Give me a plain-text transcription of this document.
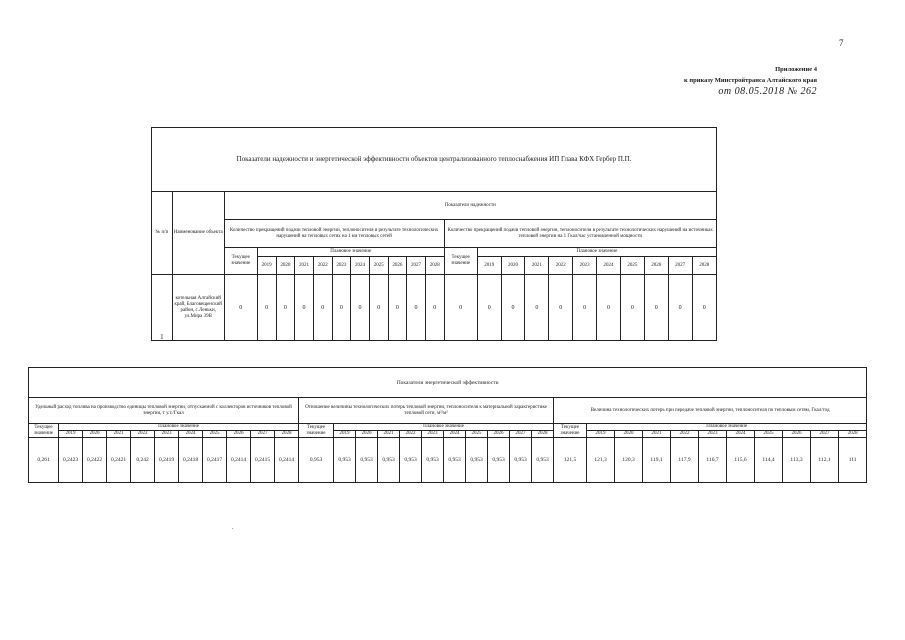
7
Приложение 4
к приказу Минстройтранса Алтайского края
от 08.05.2018 № 262
Показатели надежности и энергетической эффективности объектов централизованного теплоснабжения ИП Глава КФХ Гербер П.П.																							
№ п/п	Наименование объекта	Показатели надежности																					
		Количество прекращений подачи тепловой энергии, теплоносителя в результате технологических нарушений на тепловых сетях на 1 км тепловых сетей											Количество прекращений подачи тепловой энергии, теплоносителя в результате технологических нарушений на источниках тепловой энергии на 1 Гкал/час установленной мощности										
		Текущее значение	Плановое значение										Текущее значение	Плановое значение									
			2019	2020	2021	2022	2023	2024	2025	2026	2027	2028		2019	2020	2021	2022	2023	2024	2025	2026	2027	2028
1	котельная Алтайский край, Благовещенский район, с.Леньки, ул.Мира 39В	0	0	0	0	0	0	0	0	0	0	0	0	0	0	0	0	0	0	0	0	0	0
Показатели энергетической эффективности																																
Удельный расход топлива на производство единицы тепловой энергии, отпускаемой с коллекторов источников тепловой энергии, т у.т./Гкал											Отношение величины технологических потерь тепловой энергии, теплоносителя к материальной характеристике тепловой сети, м²/м²											Величина технологических потерь при передаче тепловой энергии, теплоносителя по тепловым сетям, Гкал/год										
Текущее значение	Плановое значение										Текущее значение	Плановое значение										Текущее значение	Плановое значение									
	2019	2020	2021	2022	2023	2024	2025	2026	2027	2028		2019	2020	2021	2022	2023	2024	2025	2026	2027	2028		2019	2020	2021	2022	2023	2024	2025	2026	2027	2028
0,261	0,2423	0,2422	0,2421	0,242	0,2419	0,2418	0,2417	0,2414	0,2415	0,2414	0,953	0,953	0,953	0,953	0,953	0,953	0,953	0,953	0,953	0,953	0,953	121,5	121,3	120,3	119,1	117,9	116,7	115,6	114,4	113,3	112,1	111
.
